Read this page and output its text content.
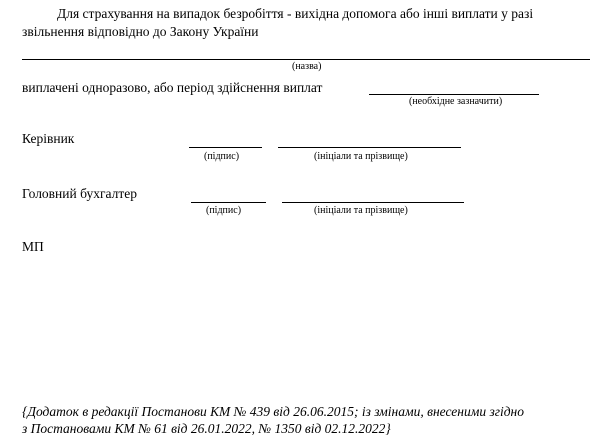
Для страхування на випадок безробіття - вихідна допомога або інші виплати у разі
звільнення відповідно до Закону України
(назва)
виплачені одноразово, або період здійснення виплат
(необхідне зазначити)
Керівник
(підпис)	(ініціали та прізвище)
Головний бухгалтер
(підпис)	(ініціали та прізвище)
МП
{Додаток в редакції Постанови КМ № 439 від 26.06.2015; із змінами, внесеними згідно
з Постановами КМ № 61 від 26.01.2022, № 1350 від 02.12.2022}
